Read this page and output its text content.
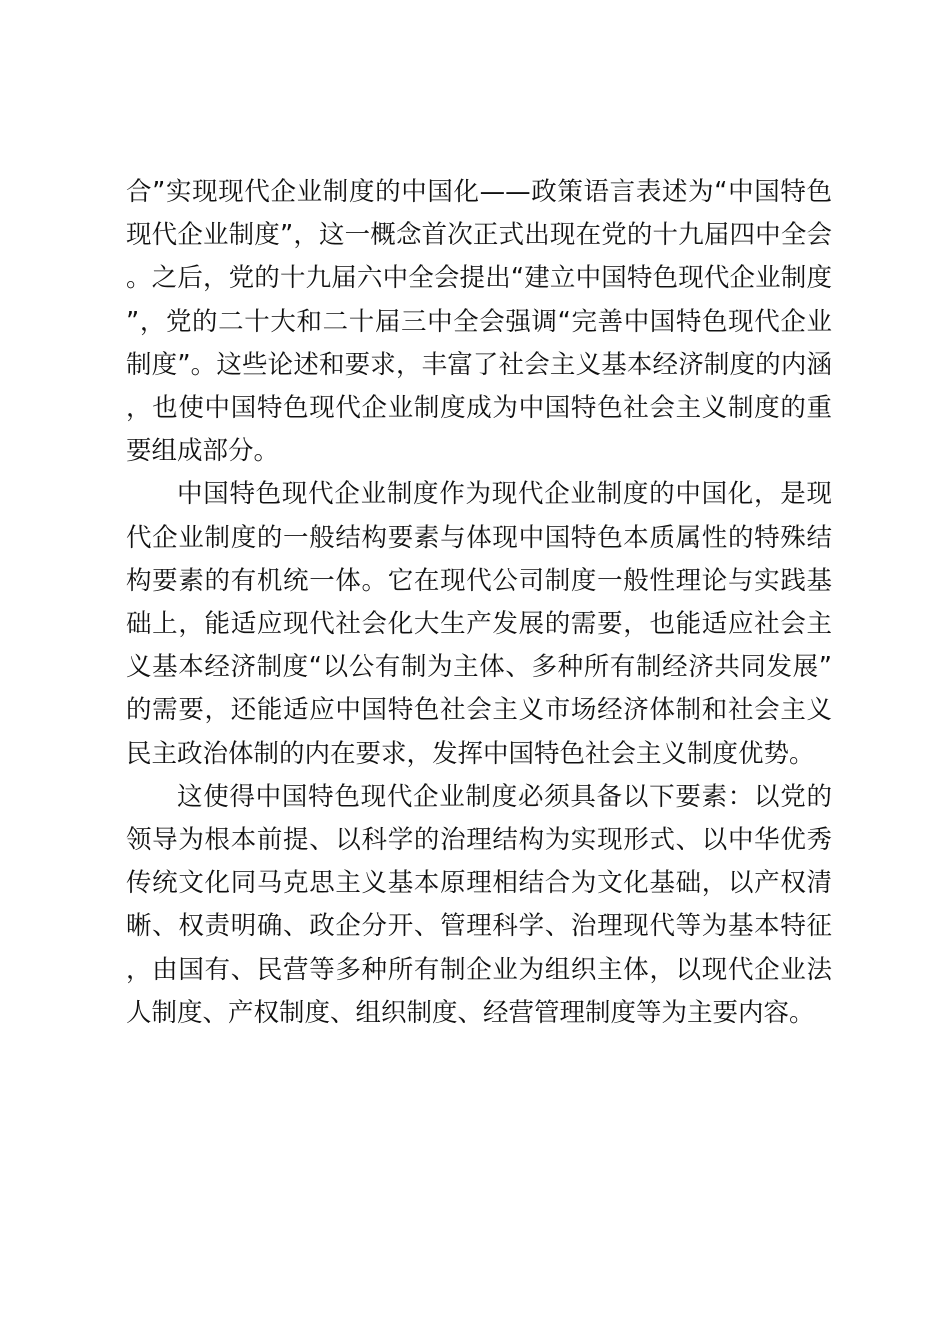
合”实现现代企业制度的中国化——政策语言表述为“中国特色现代企业制度”，这一概念首次正式出现在党的十九届四中全会。之后，党的十九届六中全会提出“建立中国特色现代企业制度”，党的二十大和二十届三中全会强调“完善中国特色现代企业制度”。这些论述和要求，丰富了社会主义基本经济制度的内涵，也使中国特色现代企业制度成为中国特色社会主义制度的重要组成部分。

中国特色现代企业制度作为现代企业制度的中国化，是现代企业制度的一般结构要素与体现中国特色本质属性的特殊结构要素的有机统一体。它在现代公司制度一般性理论与实践基础上，能适应现代社会化大生产发展的需要，也能适应社会主义基本经济制度“以公有制为主体、多种所有制经济共同发展”的需要，还能适应中国特色社会主义市场经济体制和社会主义民主政治体制的内在要求，发挥中国特色社会主义制度优势。

这使得中国特色现代企业制度必须具备以下要素：以党的领导为根本前提、以科学的治理结构为实现形式、以中华优秀传统文化同马克思主义基本原理相结合为文化基础，以产权清晰、权责明确、政企分开、管理科学、治理现代等为基本特征，由国有、民营等多种所有制企业为组织主体，以现代企业法人制度、产权制度、组织制度、经营管理制度等为主要内容。
